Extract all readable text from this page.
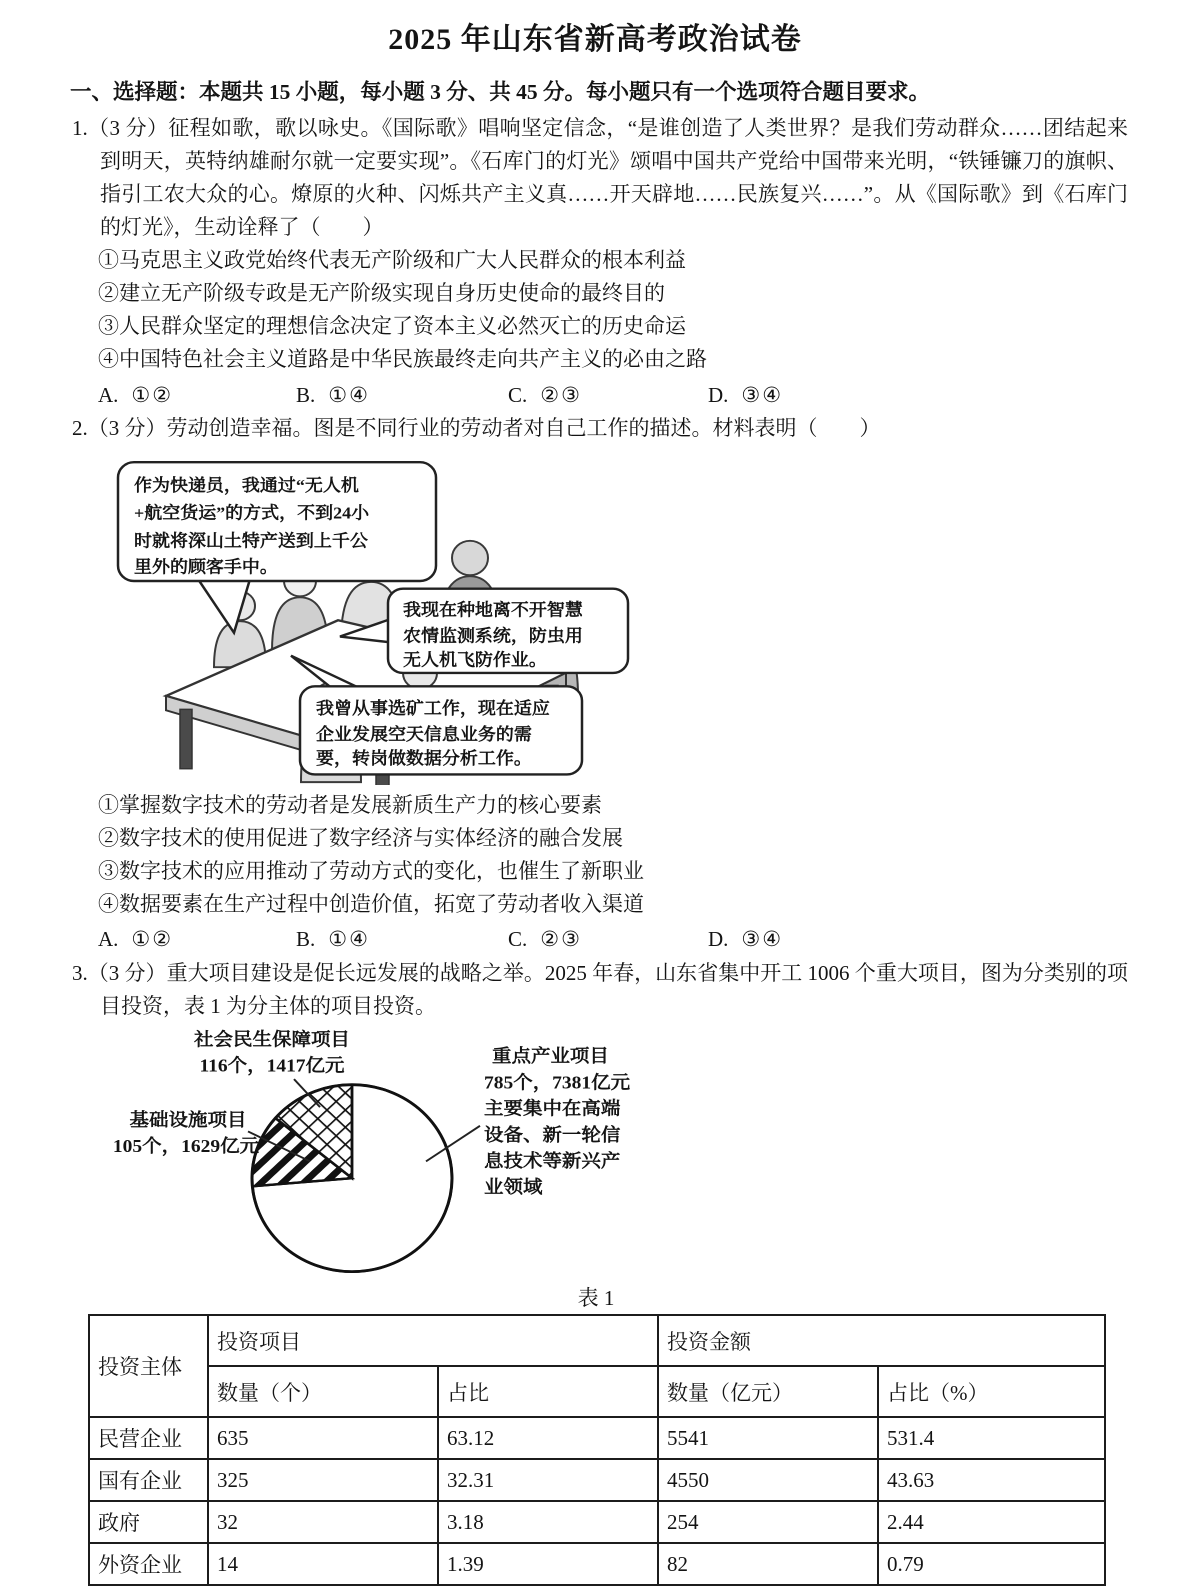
2025 年山东省新高考政治试卷
一、选择题：本题共 15 小题，每小题 3 分、共 45 分。每小题只有一个选项符合题目要求。

1.（3 分）征程如歌，歌以咏史。《国际歌》唱响坚定信念，“是谁创造了人类世界？是我们劳动群众……团结起来到明天，英特纳雄耐尔就一定要实现”。《石库门的灯光》颂唱中国共产党给中国带来光明，“铁锤镰刀的旗帜、指引工农大众的心。燎原的火种、闪烁共产主义真……开天辟地……民族复兴……”。从《国际歌》到《石库门的灯光》，生动诠释了（　　）

①马克思主义政党始终代表无产阶级和广大人民群众的根本利益
②建立无产阶级专政是无产阶级实现自身历史使命的最终目的
③人民群众坚定的理想信念决定了资本主义必然灭亡的历史命运
④中国特色社会主义道路是中华民族最终走向共产主义的必由之路
A. ①②	B. ①④	C. ②③	D. ③④

2.（3 分）劳动创造幸福。图是不同行业的劳动者对自己工作的描述。材料表明（　　）

作为快递员，我通过“无人机
+航空货运”的方式，不到24小
时就将深山土特产送到上千公
里外的顾客手中。
我现在种地离不开智慧
农情监测系统，防虫用
无人机飞防作业。
我曾从事选矿工作，现在适应
企业发展空天信息业务的需
要，转岗做数据分析工作。
①掌握数字技术的劳动者是发展新质生产力的核心要素
②数字技术的使用促进了数字经济与实体经济的融合发展
③数字技术的应用推动了劳动方式的变化，也催生了新职业
④数据要素在生产过程中创造价值，拓宽了劳动者收入渠道
A. ①②	B. ①④	C. ②③	D. ③④

3.（3 分）重大项目建设是促长远发展的战略之举。2025 年春，山东省集中开工 1006 个重大项目，图为分类别的项目投资，表 1 为分主体的项目投资。

社会民生保障项目
116个，1417亿元
基础设施项目
105个，1629亿元
重点产业项目
785个，7381亿元
主要集中在高端
设备、新一轮信
息技术等新兴产
业领域
表 1
投资主体	投资项目		投资金额	
	数量（个）	占比	数量（亿元）	占比（%）
民营企业	635	63.12	5541	531.4
国有企业	325	32.31	4550	43.63
政府	32	3.18	254	2.44
外资企业	14	1.39	82	0.79
